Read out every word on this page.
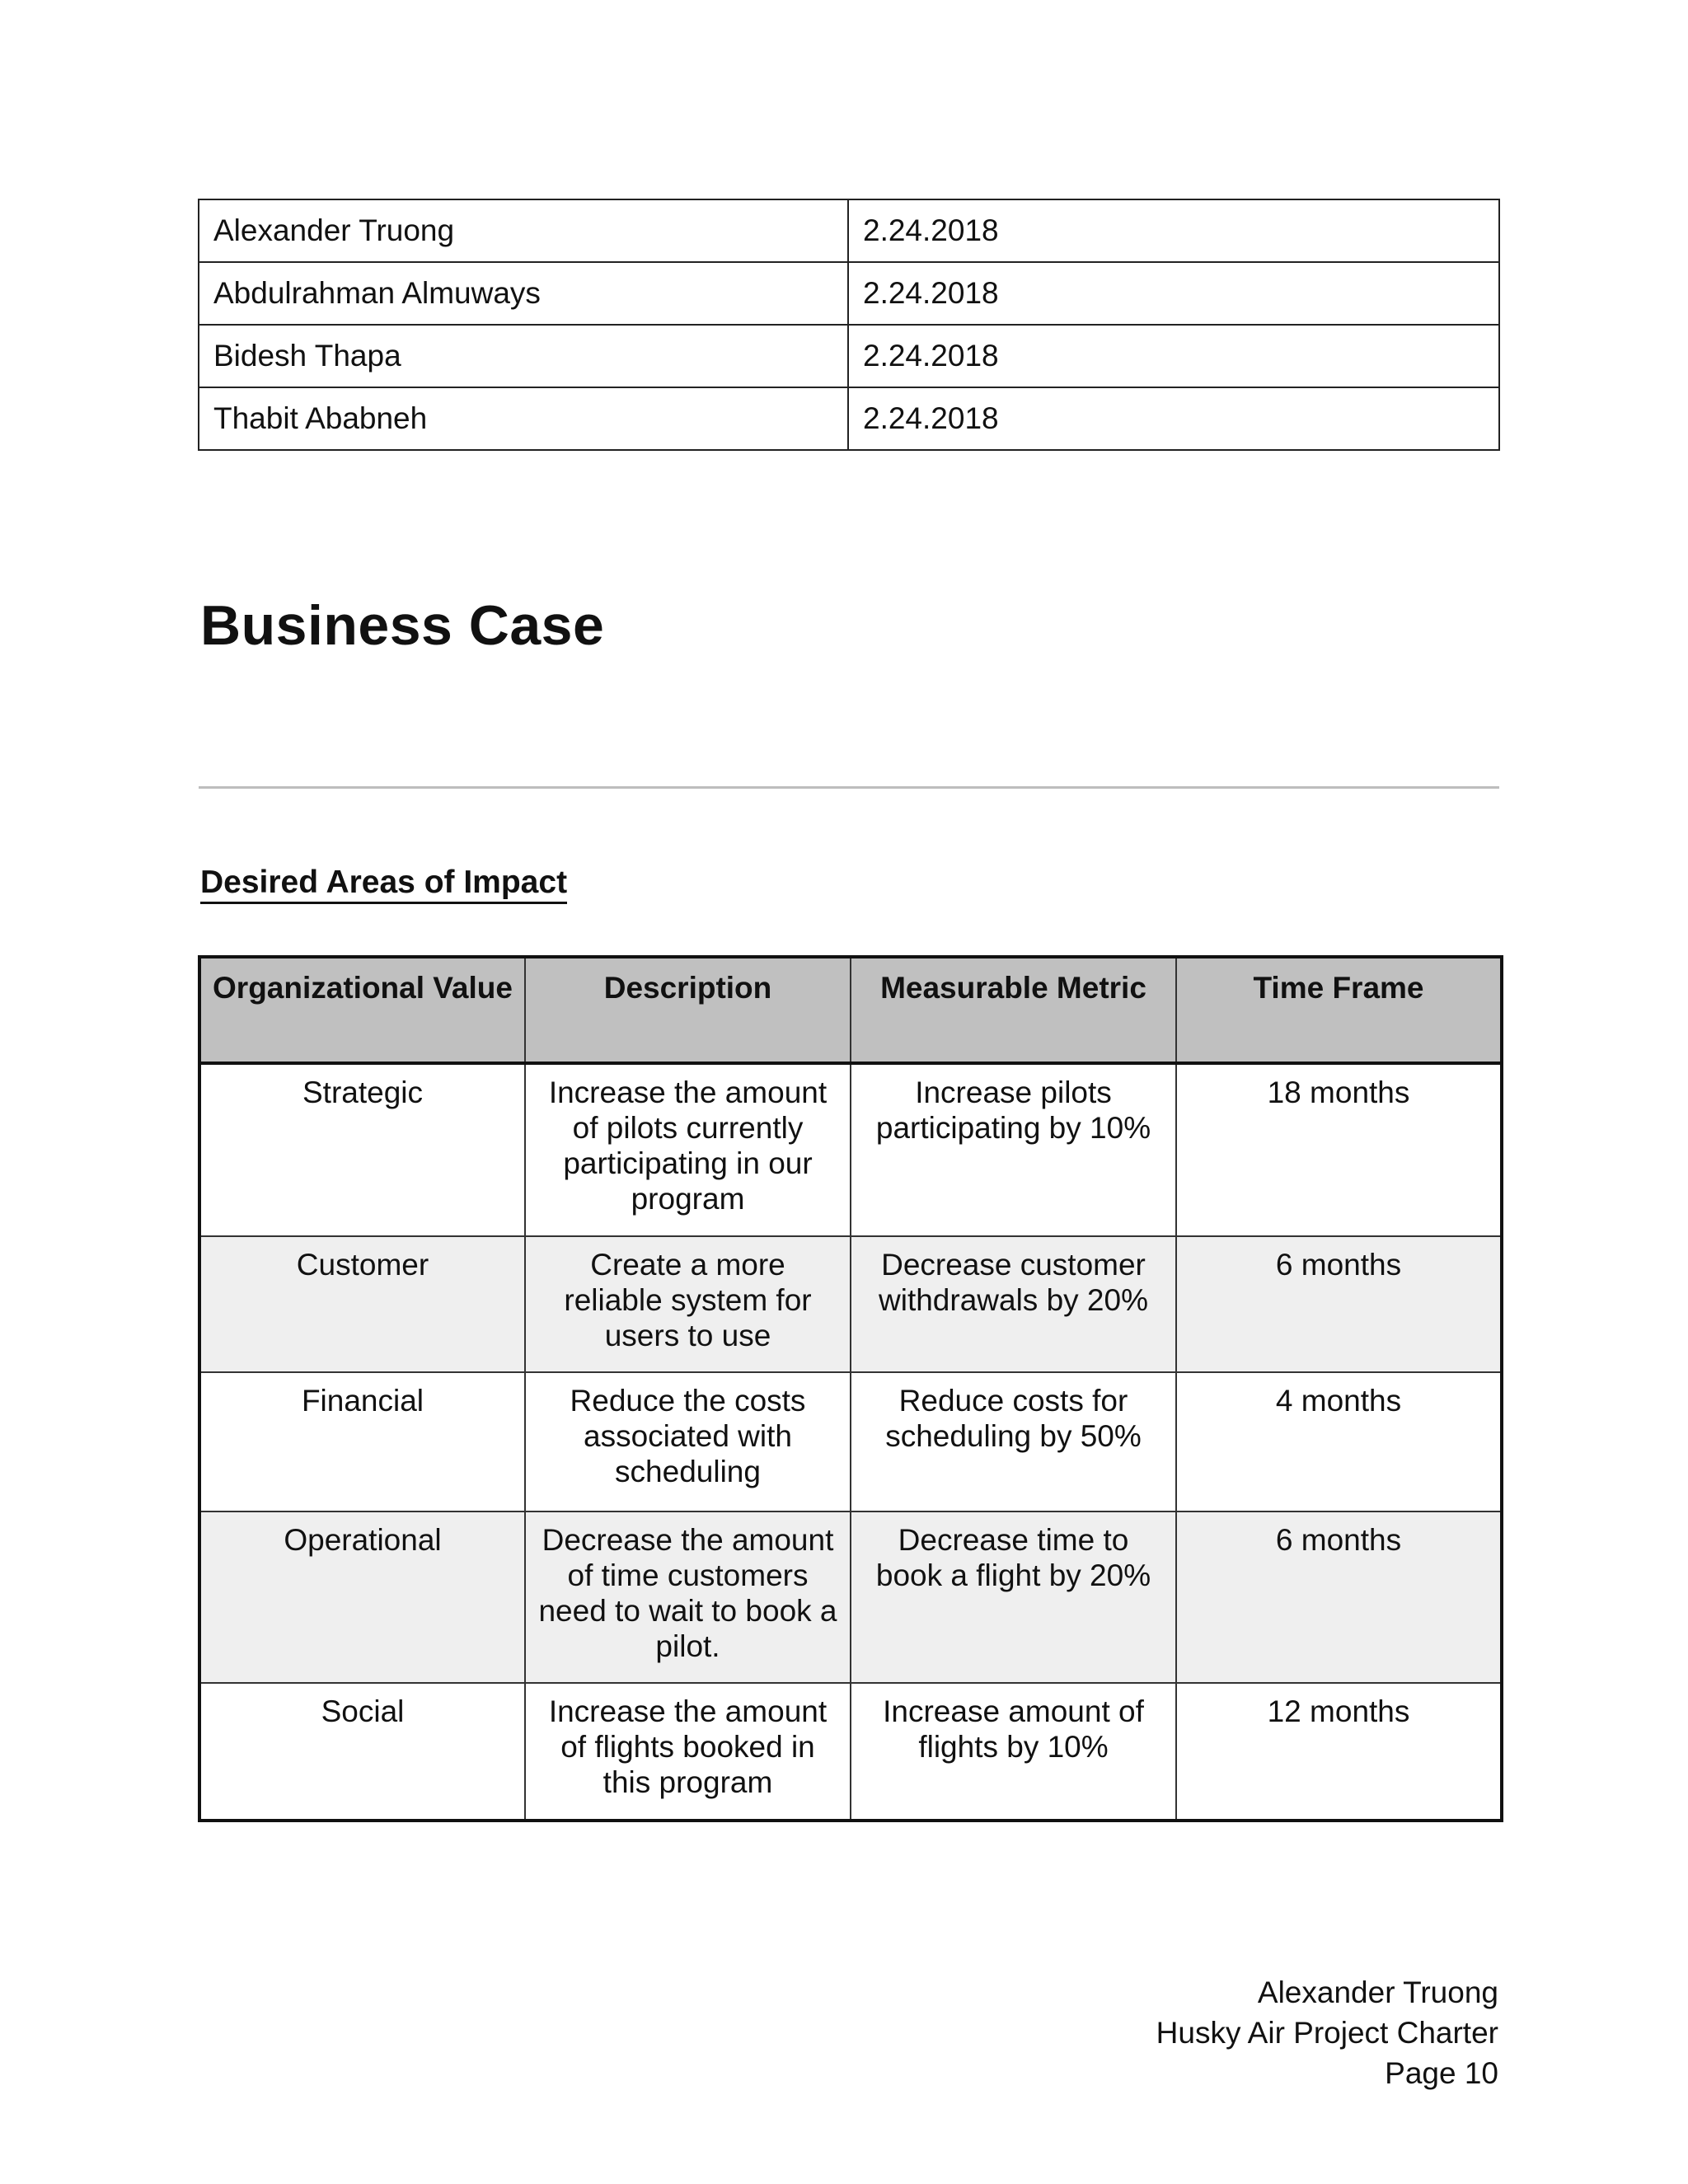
Alexander Truong	2.24.2018
Abdulrahman Almuways	2.24.2018
Bidesh Thapa	2.24.2018
Thabit Ababneh	2.24.2018
Business Case
Desired Areas of Impact
Organizational Value	Description	Measurable Metric	Time Frame

Strategic	Increase the amount of pilots currently participating in our program	Increase pilots participating by 10%	18 months

Customer	Create a more reliable system for users to use	Decrease customer withdrawals by 20%	6 months

Financial	Reduce the costs associated with scheduling	Reduce costs for scheduling by 50%	4 months

Operational	Decrease the amount of time customers need to wait to book a pilot.	Decrease time to book a flight by 20%	6 months

Social	Increase the amount of flights booked in this program	Increase amount of flights by 10%	12 months
Alexander Truong
Husky Air Project Charter
Page 10
